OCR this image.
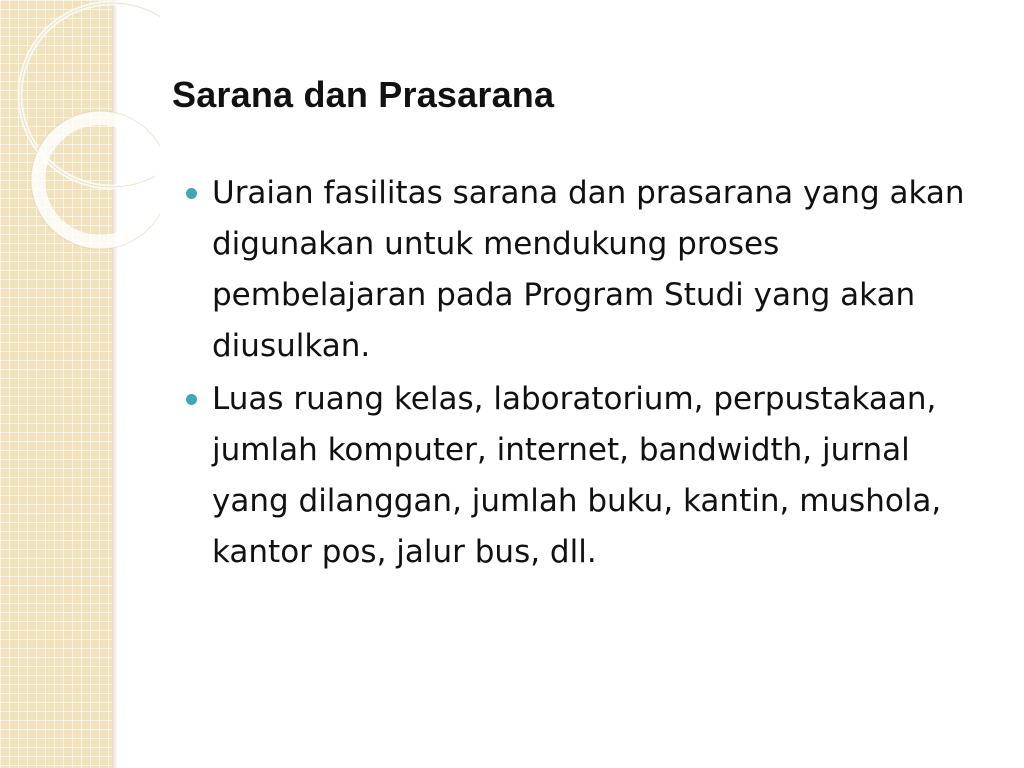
Sarana dan Prasarana
Uraian fasilitas sarana dan prasarana yang akan digunakan untuk mendukung proses pembelajaran pada Program Studi yang akan diusulkan.
Luas ruang kelas, laboratorium, perpustakaan, jumlah komputer, internet, bandwidth, jurnal yang dilanggan, jumlah buku, kantin, mushola, kantor pos, jalur bus, dll.
